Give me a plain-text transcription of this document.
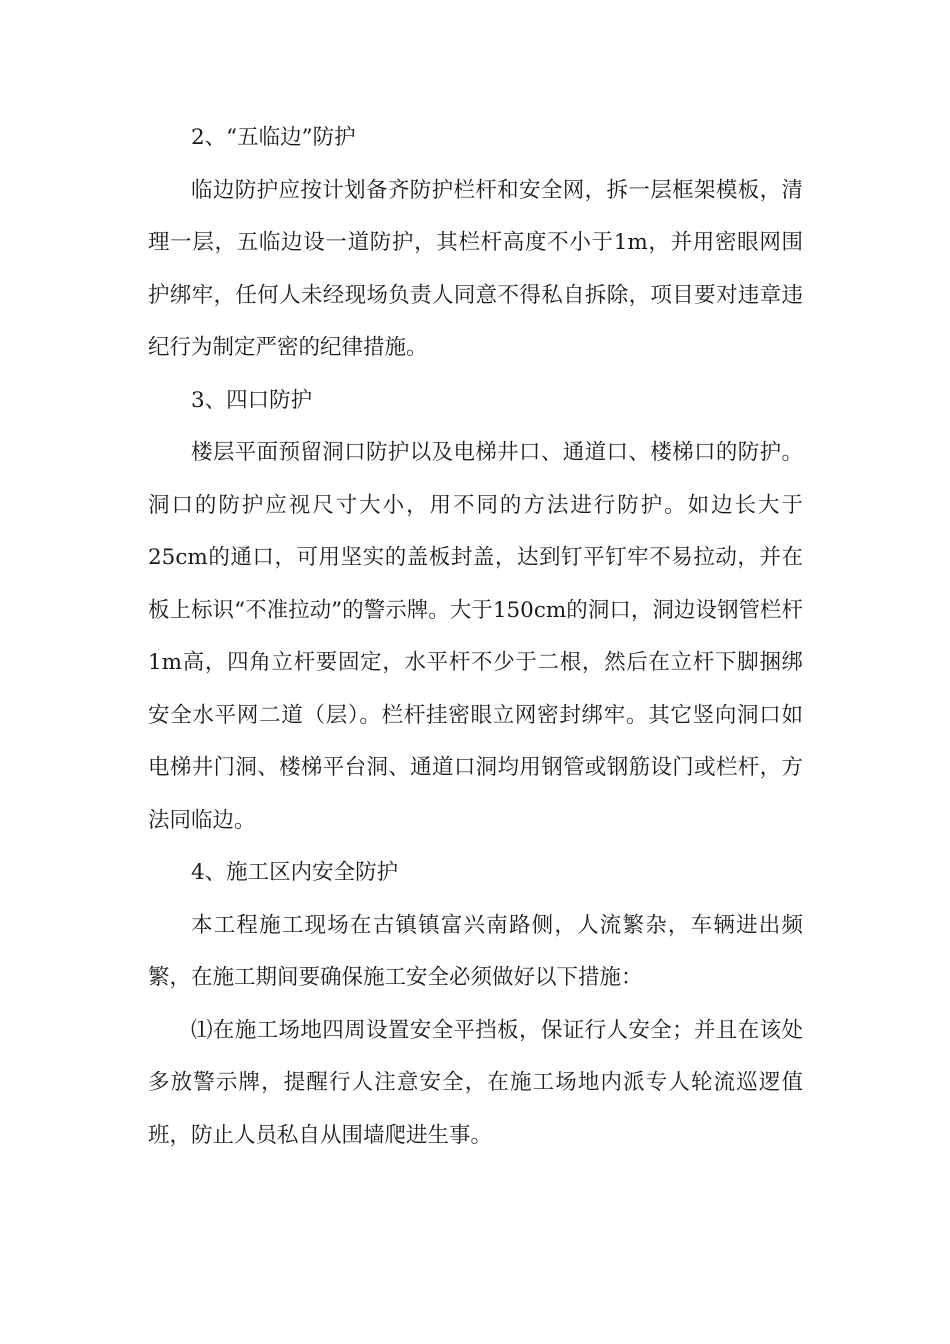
2、“五临边”防护

临边防护应按计划备齐防护栏杆和安全网，拆一层框架模板，清理一层，五临边设一道防护，其栏杆高度不小于1m，并用密眼网围护绑牢，任何人未经现场负责人同意不得私自拆除，项目要对违章违纪行为制定严密的纪律措施。

3、四口防护

楼层平面预留洞口防护以及电梯井口、通道口、楼梯口的防护。洞口的防护应视尺寸大小，用不同的方法进行防护。如边长大于25cm的通口，可用坚实的盖板封盖，达到钉平钉牢不易拉动，并在板上标识“不准拉动”的警示牌。大于150cm的洞口，洞边设钢管栏杆1m高，四角立杆要固定，水平杆不少于二根，然后在立杆下脚捆绑安全水平网二道（层）。栏杆挂密眼立网密封绑牢。其它竖向洞口如电梯井门洞、楼梯平台洞、通道口洞均用钢管或钢筋设门或栏杆，方法同临边。

4、施工区内安全防护

本工程施工现场在古镇镇富兴南路侧，人流繁杂，车辆进出频繁，在施工期间要确保施工安全必须做好以下措施：

⑴在施工场地四周设置安全平挡板，保证行人安全；并且在该处多放警示牌，提醒行人注意安全，在施工场地内派专人轮流巡逻值班，防止人员私自从围墙爬进生事。
